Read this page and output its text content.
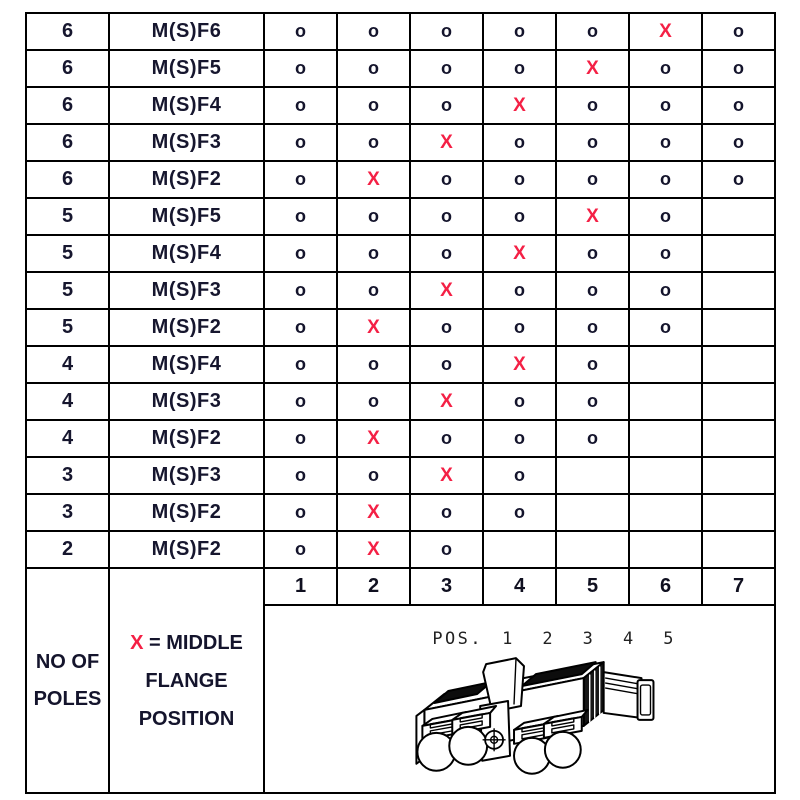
6	M(S)F6	o	o	o	o	o	X	o
6	M(S)F5	o	o	o	o	X	o	o
6	M(S)F4	o	o	o	X	o	o	o
6	M(S)F3	o	o	X	o	o	o	o
6	M(S)F2	o	X	o	o	o	o	o
5	M(S)F5	o	o	o	o	X	o	
5	M(S)F4	o	o	o	X	o	o	
5	M(S)F3	o	o	X	o	o	o	
5	M(S)F2	o	X	o	o	o	o	
4	M(S)F4	o	o	o	X	o		
4	M(S)F3	o	o	X	o	o		
4	M(S)F2	o	X	o	o	o		
3	M(S)F3	o	o	X	o			
3	M(S)F2	o	X	o	o			
2	M(S)F2	o	X	o				

NO OF
POLES

X = MIDDLE
FLANGE
POSITION
	1	2	3	4	5	6	7

POS. 1 2 3 4 5						
